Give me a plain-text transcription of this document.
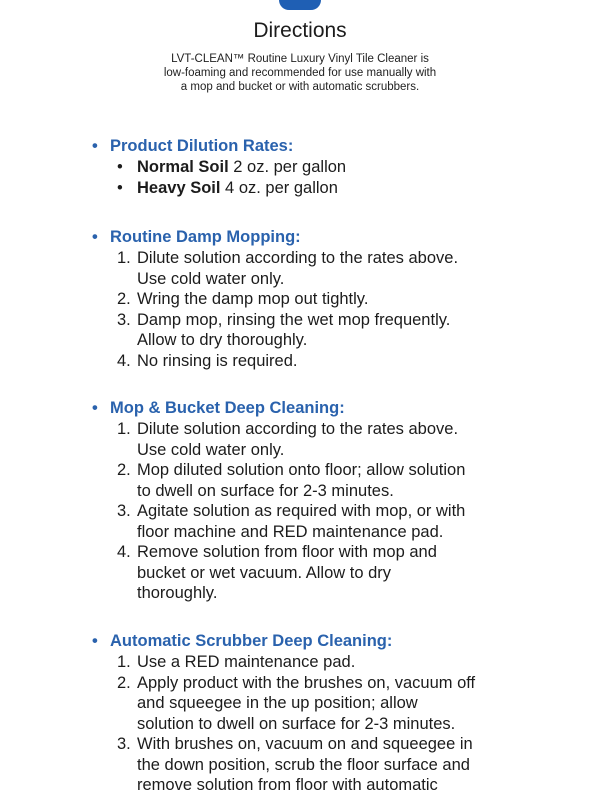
Directions
LVT-CLEAN™ Routine Luxury Vinyl Tile Cleaner is
low-foaming and recommended for use manually with
a mop and bucket or with automatic scrubbers.
• Product Dilution Rates:
• Normal Soil 2 oz. per gallon
• Heavy Soil 4 oz. per gallon
• Routine Damp Mopping:
1. Dilute solution according to the rates above.
Use cold water only.
2. Wring the damp mop out tightly.
3. Damp mop, rinsing the wet mop frequently.
Allow to dry thoroughly.
4. No rinsing is required.
• Mop & Bucket Deep Cleaning:
1. Dilute solution according to the rates above.
Use cold water only.
2. Mop diluted solution onto floor; allow solution
to dwell on surface for 2-3 minutes.
3. Agitate solution as required with mop, or with
floor machine and RED maintenance pad.
4. Remove solution from floor with mop and
bucket or wet vacuum. Allow to dry
thoroughly.
• Automatic Scrubber Deep Cleaning:
1. Use a RED maintenance pad.
2. Apply product with the brushes on, vacuum off
and squeegee in the up position; allow
solution to dwell on surface for 2-3 minutes.
3. With brushes on, vacuum on and squeegee in
the down position, scrub the floor surface and
remove solution from floor with automatic
